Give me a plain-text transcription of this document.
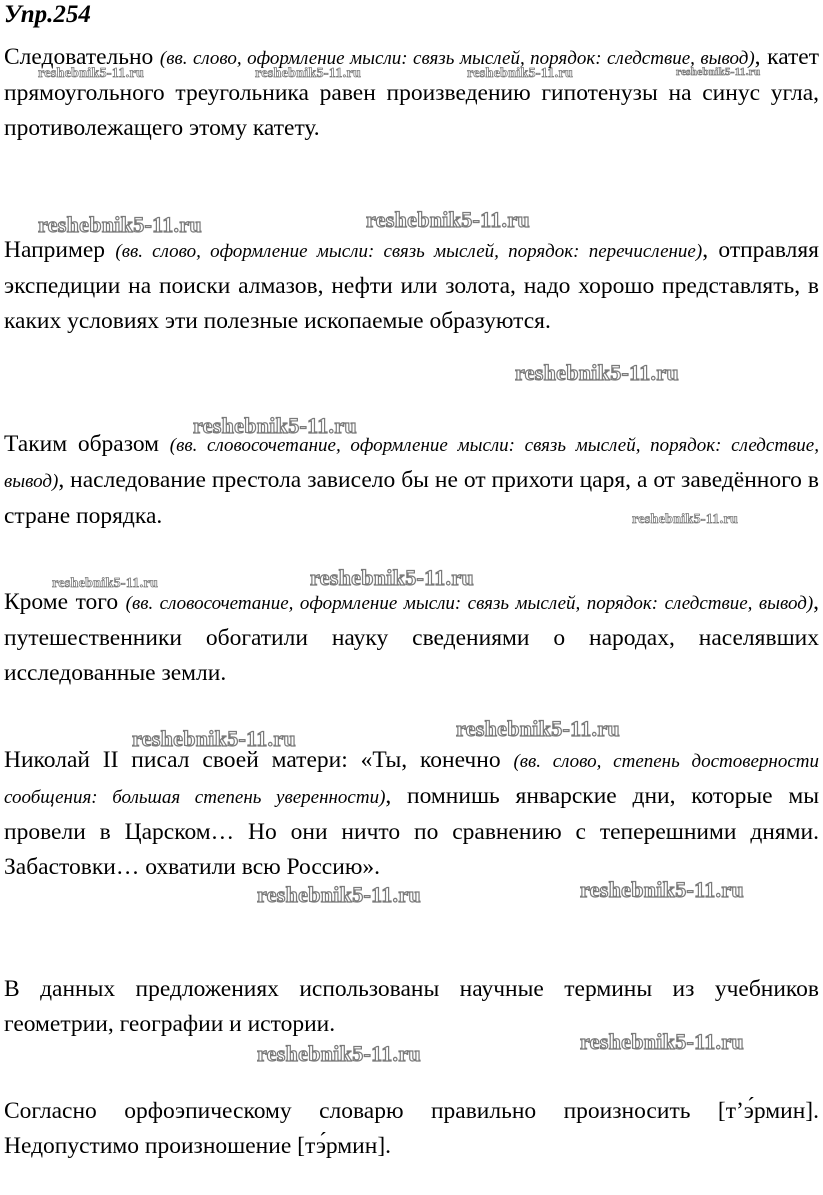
Упр.254

Следовательно (вв. слово, оформление мысли: связь мыслей, порядок: следствие, вывод), катет прямоугольного треугольника равен произведению гипотенузы на синус угла, противолежащего этому катету.

Например (вв. слово, оформление мысли: связь мыслей, порядок: перечисление), отправляя экспедиции на поиски алмазов, нефти или золота, надо хорошо представлять, в каких условиях эти полезные ископаемые образуются.

Таким образом (вв. словосочетание, оформление мысли: связь мыслей, порядок: следствие, вывод), наследование престола зависело бы не от прихоти царя, а от заведённого в стране порядка.

Кроме того (вв. словосочетание, оформление мысли: связь мыслей, порядок: следствие, вывод), путешественники обогатили науку сведениями о народах, населявших исследованные земли.

Николай II писал своей матери: «Ты, конечно (вв. слово, степень достоверности сообщения: большая степень уверенности), помнишь январские дни, которые мы провели в Царском… Но они ничто по сравнению с теперешними днями. Забастовки… охватили всю Россию».

В данных предложениях использованы научные термины из учебников геометрии, географии и истории.

Согласно орфоэпическому словарю правильно произносить [т’э́рмин]. Недопустимо произношение [тэ́рмин].

reshebnik5-11.ru	reshebnik5-11.ru	reshebnik5-11.ru	reshebnik5-11.ru
reshebnik5-11.ru	reshebnik5-11.ru
reshebnik5-11.ru
reshebnik5-11.ru
reshebnik5-11.ru
reshebnik5-11.ru	reshebnik5-11.ru
reshebnik5-11.ru
reshebnik5-11.ru
reshebnik5-11.ru
reshebnik5-11.ru
reshebnik5-11.ru
reshebnik5-11.ru
